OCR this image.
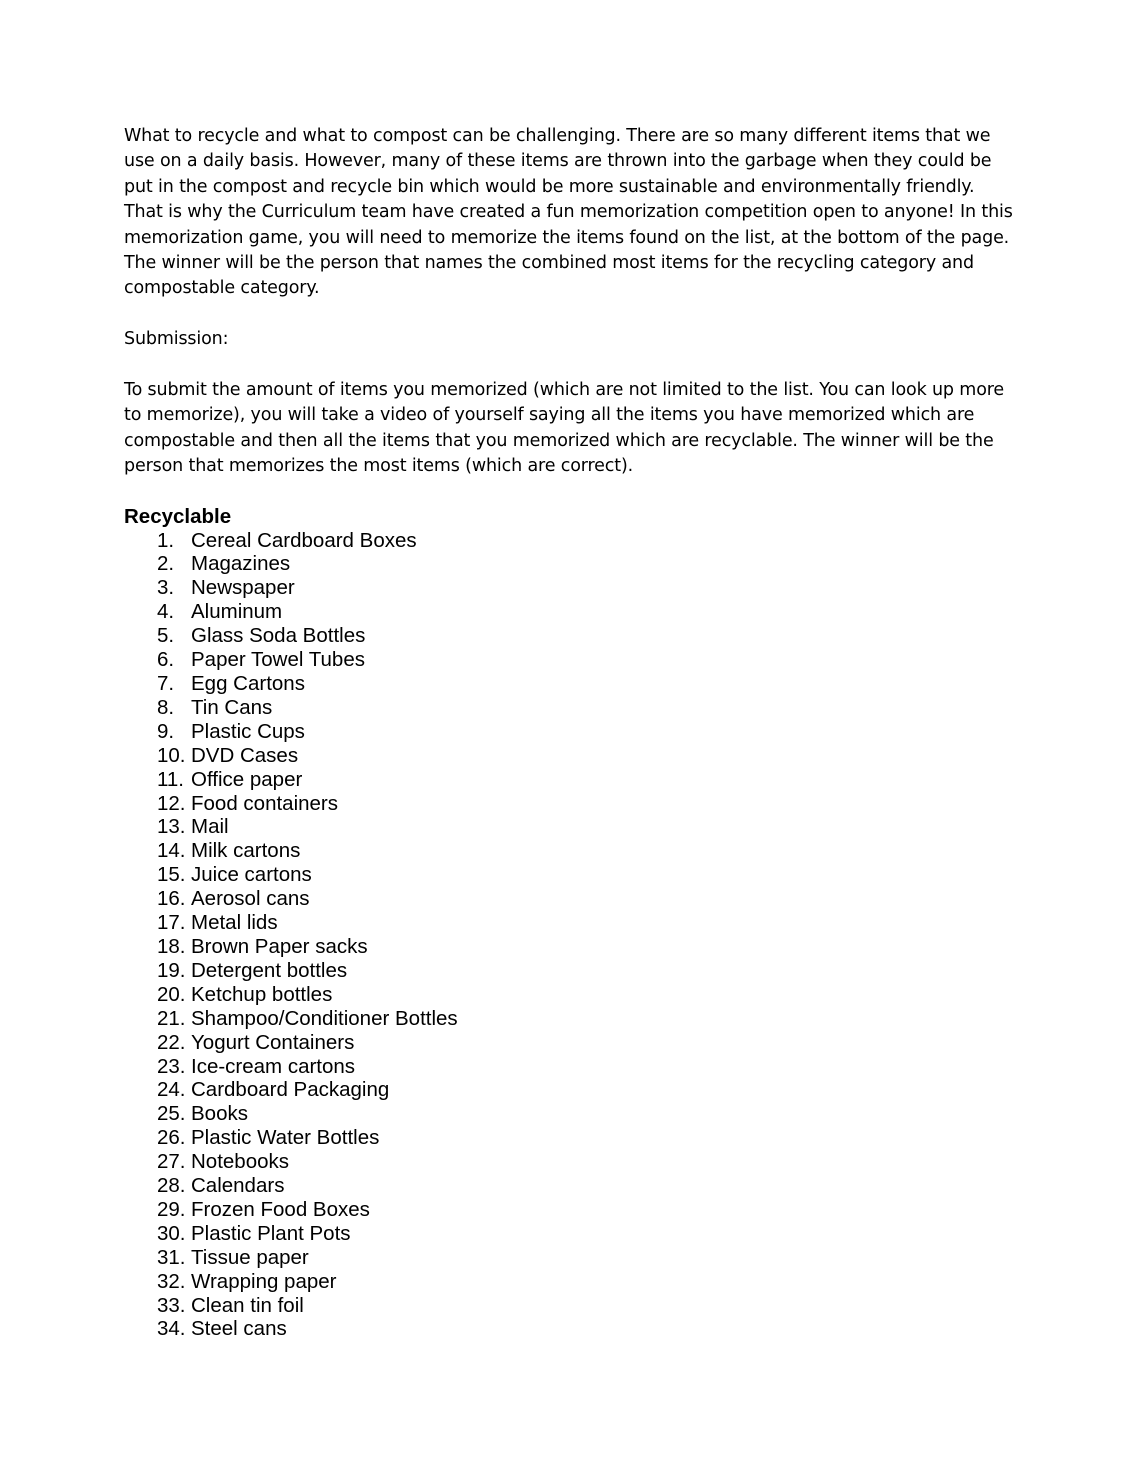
What to recycle and what to compost can be challenging. There are so many different items that we use on a daily basis. However, many of these items are thrown into the garbage when they could be put in the compost and recycle bin which would be more sustainable and environmentally friendly. That is why the Curriculum team have created a fun memorization competition open to anyone! In this memorization game, you will need to memorize the items found on the list, at the bottom of the page. The winner will be the person that names the combined most items for the recycling category and compostable category.

Submission:

To submit the amount of items you memorized (which are not limited to the list. You can look up more to memorize), you will take a video of yourself saying all the items you have memorized which are compostable and then all the items that you memorized which are recyclable. The winner will be the person that memorizes the most items (which are correct).

Recyclable
1. Cereal Cardboard Boxes
2. Magazines
3. Newspaper
4. Aluminum
5. Glass Soda Bottles
6. Paper Towel Tubes
7. Egg Cartons
8. Tin Cans
9. Plastic Cups
10. DVD Cases
11. Office paper
12. Food containers
13. Mail
14. Milk cartons
15. Juice cartons
16. Aerosol cans
17. Metal lids
18. Brown Paper sacks
19. Detergent bottles
20. Ketchup bottles
21. Shampoo/Conditioner Bottles
22. Yogurt Containers
23. Ice-cream cartons
24. Cardboard Packaging
25. Books
26. Plastic Water Bottles
27. Notebooks
28. Calendars
29. Frozen Food Boxes
30. Plastic Plant Pots
31. Tissue paper
32. Wrapping paper
33. Clean tin foil
34. Steel cans
